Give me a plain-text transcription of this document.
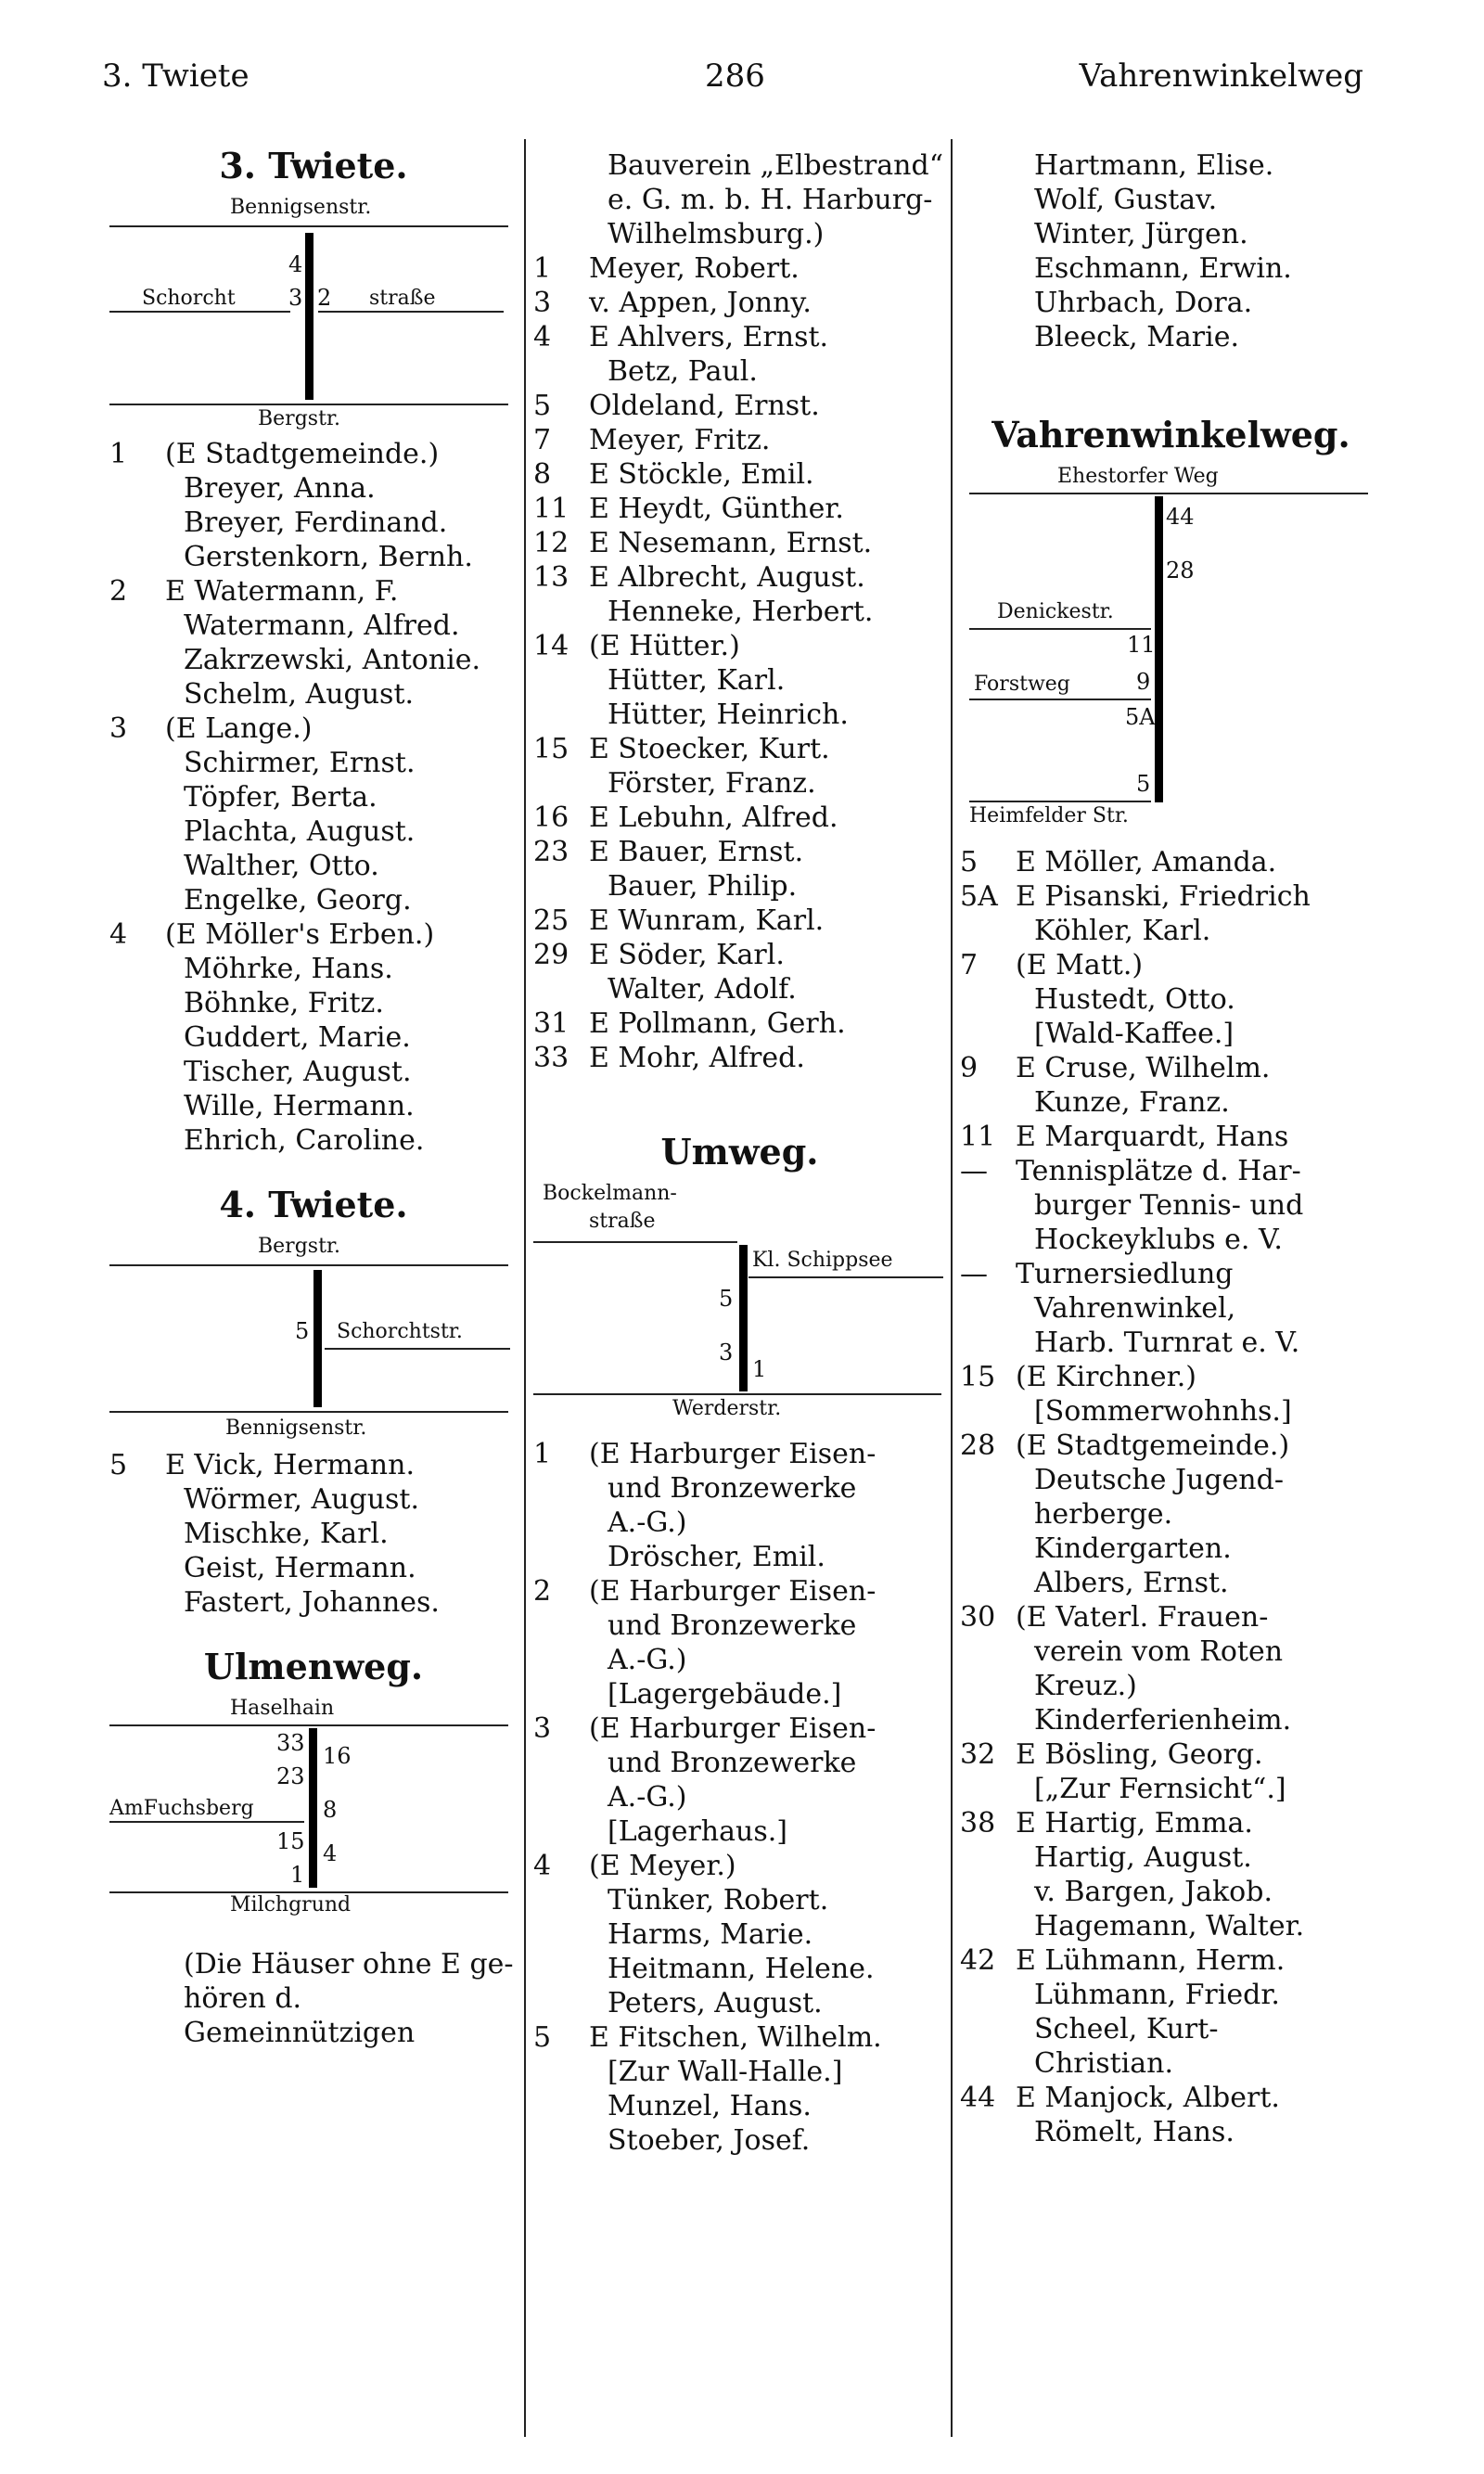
3. Twiete	286	Vahrenwinkelweg
3. Twiete.
Bennigsenstr.
Schorcht	straße
4
3 2
Bergstr.
1	(E Stadtgemeinde.)
Breyer, Anna.
Breyer, Ferdinand.
Gerstenkorn, Bernh.
2	E Watermann, F.
Watermann, Alfred.
Zakrzewski, Antonie.
Schelm, August.
3	(E Lange.)
Schirmer, Ernst.
Töpfer, Berta.
Plachta, August.
Walther, Otto.
Engelke, Georg.
4	(E Möller's Erben.)
Möhrke, Hans.
Böhnke, Fritz.
Guddert, Marie.
Tischer, August.
Wille, Hermann.
Ehrich, Caroline.
4. Twiete.
Bergstr.
5 Schorchtstr.
Bennigsenstr.
5	E Vick, Hermann.
Wörmer, August.
Mischke, Karl.
Geist, Hermann.
Fastert, Johannes.
Ulmenweg.
Haselhain
33 16
23
AmFuchsberg	8
15 4
1
Milchgrund
(Die Häuser ohne E ge-
hören d. Gemeinnützigen
Bauverein „Elbestrand“
e. G. m. b. H. Harburg-
Wilhelmsburg.)
1	Meyer, Robert.
3	v. Appen, Jonny.
4	E Ahlvers, Ernst.
Betz, Paul.
5	Oldeland, Ernst.
7	Meyer, Fritz.
8	E Stöckle, Emil.
11 E Heydt, Günther.
12 E Nesemann, Ernst.
13 E Albrecht, August.
Henneke, Herbert.
14 (E Hütter.)
Hütter, Karl.
Hütter, Heinrich.
15 E Stoecker, Kurt.
Förster, Franz.
16 E Lebuhn, Alfred.
23 E Bauer, Ernst.
Bauer, Philip.
25 E Wunram, Karl.
29 E Söder, Karl.
Walter, Adolf.
31 E Pollmann, Gerh.
33 E Mohr, Alfred.
Umweg.
Bockelmann-
straße
Kl. Schippsee
5
3
1
Werderstr.
1	(E Harburger Eisen-
und Bronzewerke
A.-G.)
Dröscher, Emil.
2	(E Harburger Eisen-
und Bronzewerke
A.-G.)
[Lagergebäude.]
3	(E Harburger Eisen-
und Bronzewerke
A.-G.)
[Lagerhaus.]
4	(E Meyer.)
Tünker, Robert.
Harms, Marie.
Heitmann, Helene.
Peters, August.
5	E Fitschen, Wilhelm.
[Zur Wall-Halle.]
Munzel, Hans.
Stoeber, Josef.
Hartmann, Elise.
Wolf, Gustav.
Winter, Jürgen.
Eschmann, Erwin.
Uhrbach, Dora.
Bleeck, Marie.
Vahrenwinkelweg.
Ehestorfer Weg
44
28
Denickestr.
11
Forstweg	9
5A
5
Heimfelder Str.
5	E Möller, Amanda.
5A E Pisanski, Friedrich
Köhler, Karl.
7	(E Matt.)
Hustedt, Otto.
[Wald-Kaffee.]
9	E Cruse, Wilhelm.
Kunze, Franz.
11 E Marquardt, Hans
—	Tennisplätze d. Har-
burger Tennis- und
Hockeyklubs e. V.
—	Turnersiedlung
Vahrenwinkel,
Harb. Turnrat e. V.
15 (E Kirchner.)
[Sommerwohnhs.]
28 (E Stadtgemeinde.)
Deutsche Jugend-
herberge.
Kindergarten.
Albers, Ernst.
30 (E Vaterl. Frauen-
verein vom Roten
Kreuz.)
Kinderferienheim.
32 E Bösling, Georg.
[„Zur Fernsicht“.]
38 E Hartig, Emma.
Hartig, August.
v. Bargen, Jakob.
Hagemann, Walter.
42 E Lühmann, Herm.
Lühmann, Friedr.
Scheel, Kurt-
Christian.
44 E Manjock, Albert.
Römelt, Hans.
